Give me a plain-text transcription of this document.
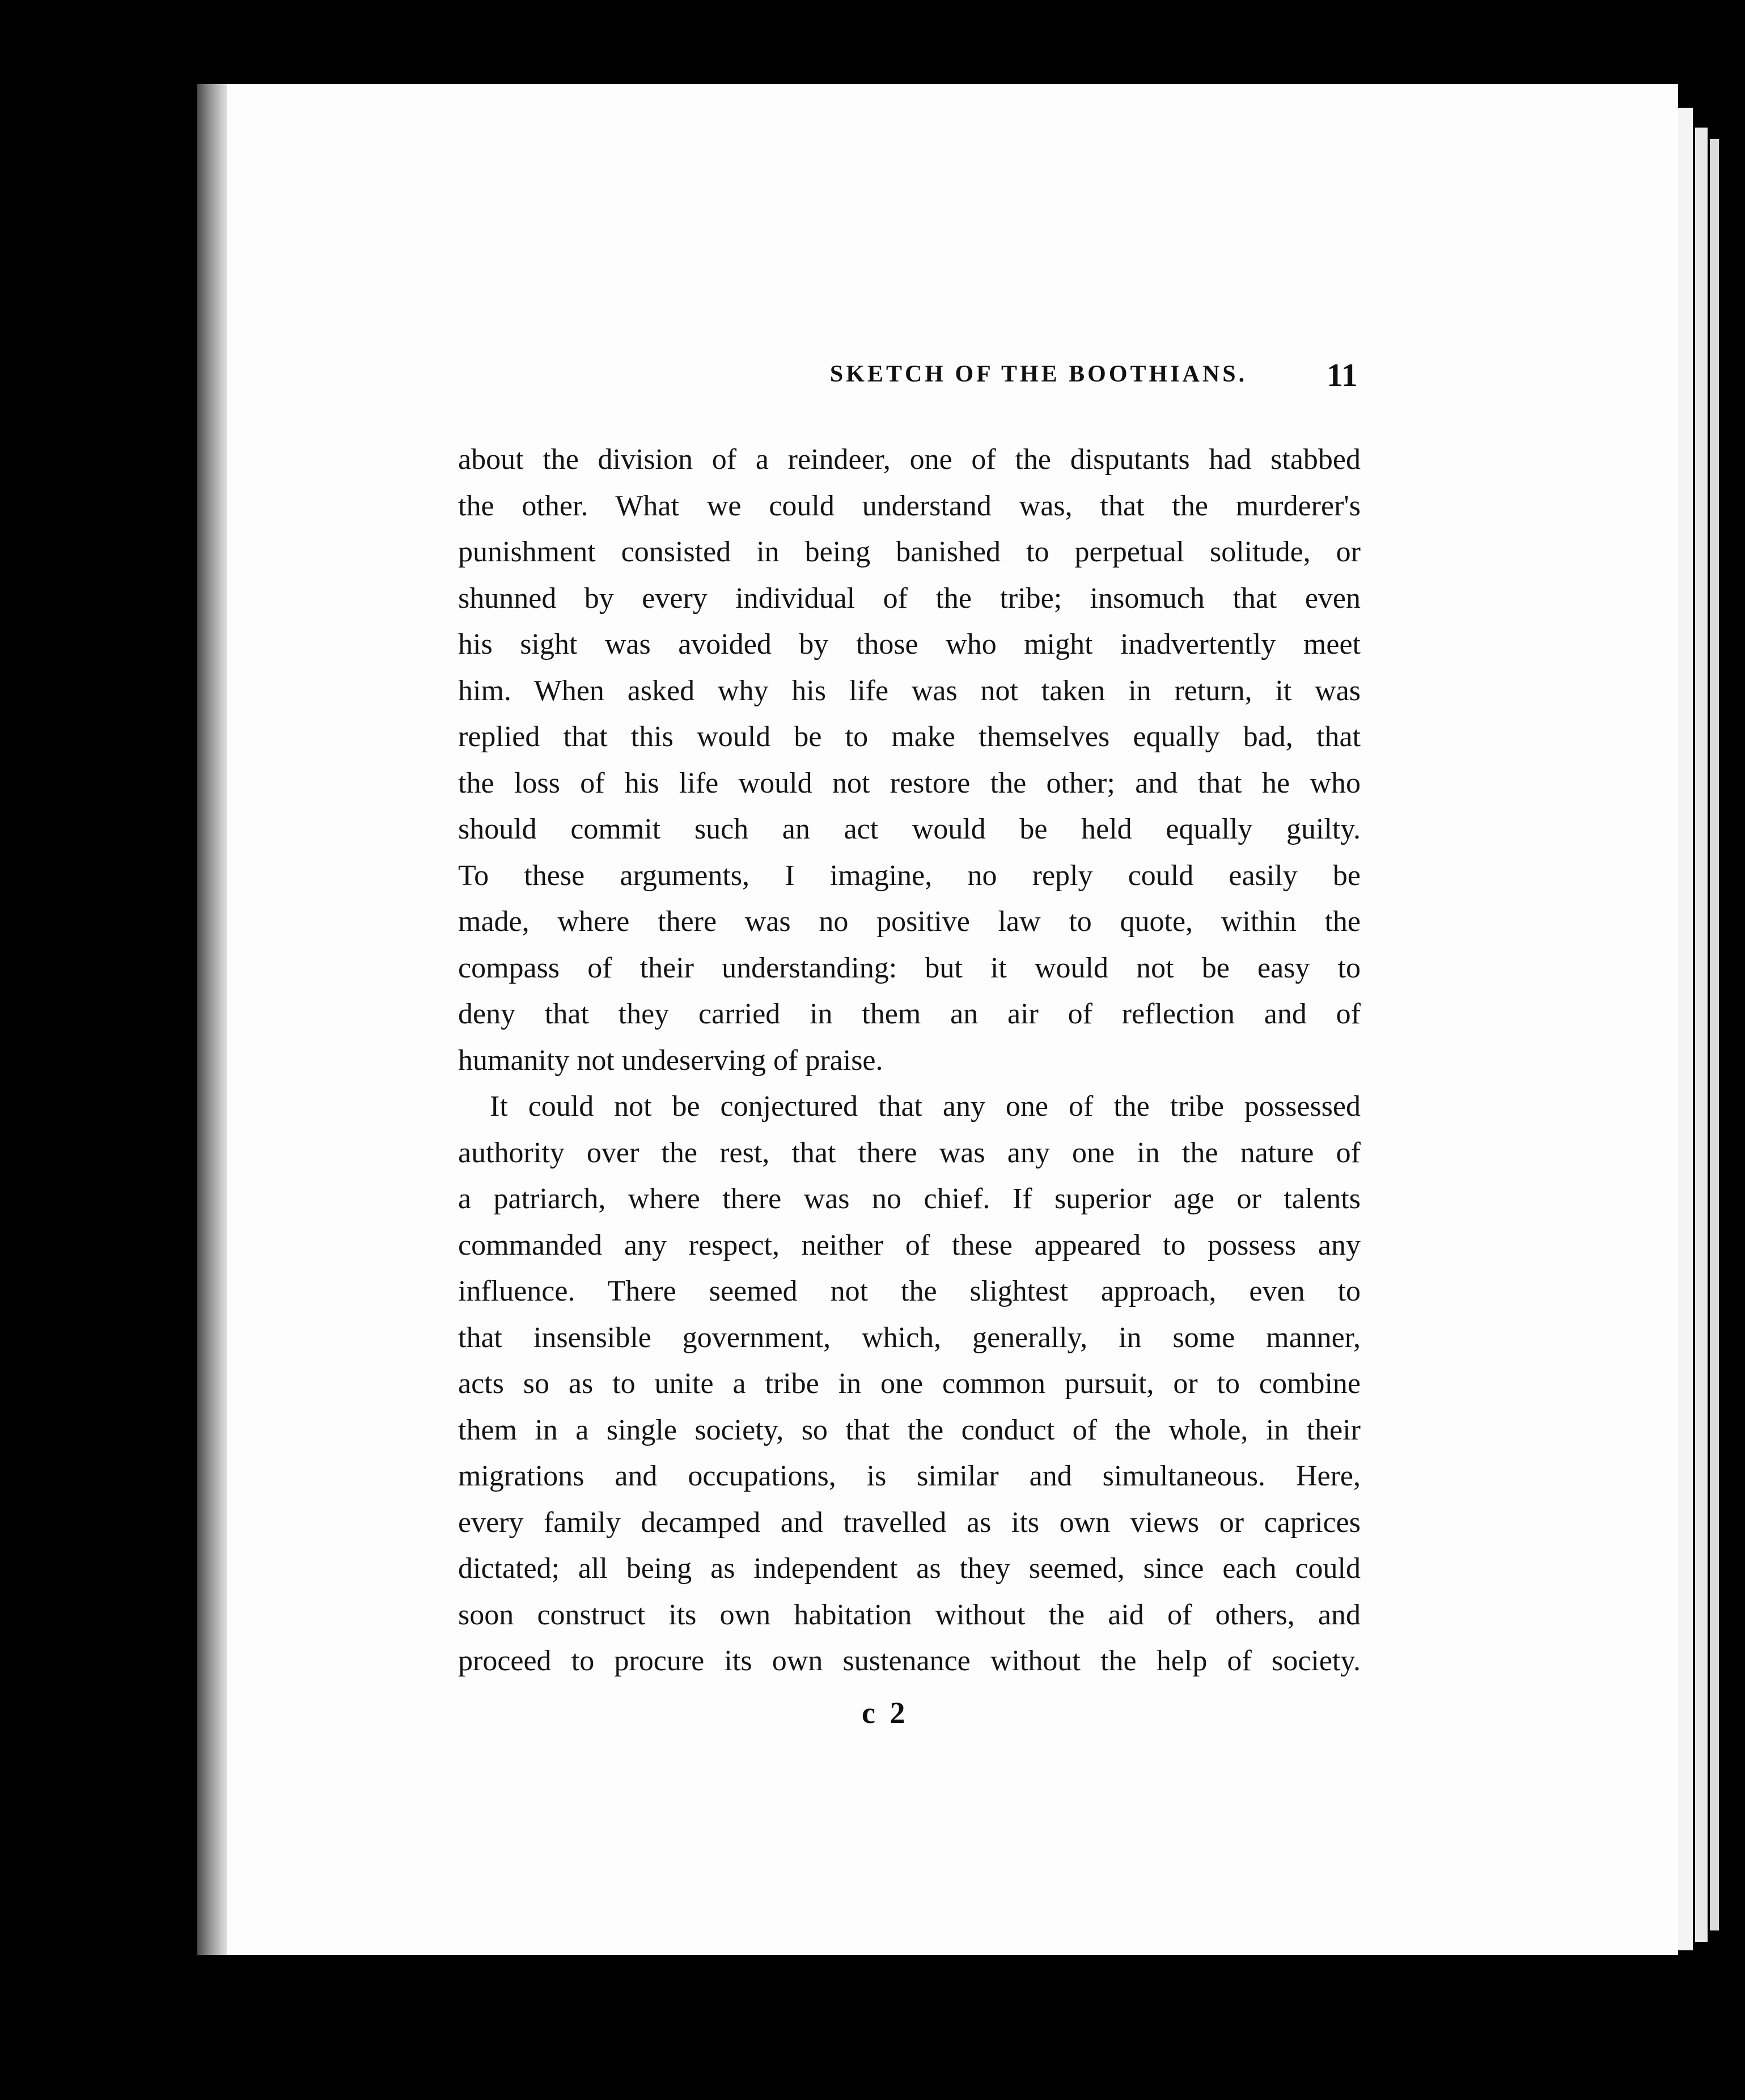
SKETCH OF THE BOOTHIANS.	11
about the division of a reindeer, one of the disputants had stabbed
the other. What we could understand was, that the murderer's
punishment consisted in being banished to perpetual solitude, or
shunned by every individual of the tribe; insomuch that even
his sight was avoided by those who might inadvertently meet
him. When asked why his life was not taken in return, it was
replied that this would be to make themselves equally bad, that
the loss of his life would not restore the other; and that he who
should commit such an act would be held equally guilty.
To these arguments, I imagine, no reply could easily be
made, where there was no positive law to quote, within the
compass of their understanding: but it would not be easy to
deny that they carried in them an air of reflection and of
humanity not undeserving of praise.
It could not be conjectured that any one of the tribe possessed
authority over the rest, that there was any one in the nature of
a patriarch, where there was no chief. If superior age or talents
commanded any respect, neither of these appeared to possess any
influence. There seemed not the slightest approach, even to
that insensible government, which, generally, in some manner,
acts so as to unite a tribe in one common pursuit, or to combine
them in a single society, so that the conduct of the whole, in their
migrations and occupations, is similar and simultaneous. Here,
every family decamped and travelled as its own views or caprices
dictated; all being as independent as they seemed, since each could
soon construct its own habitation without the aid of others, and
proceed to procure its own sustenance without the help of society.
c 2
